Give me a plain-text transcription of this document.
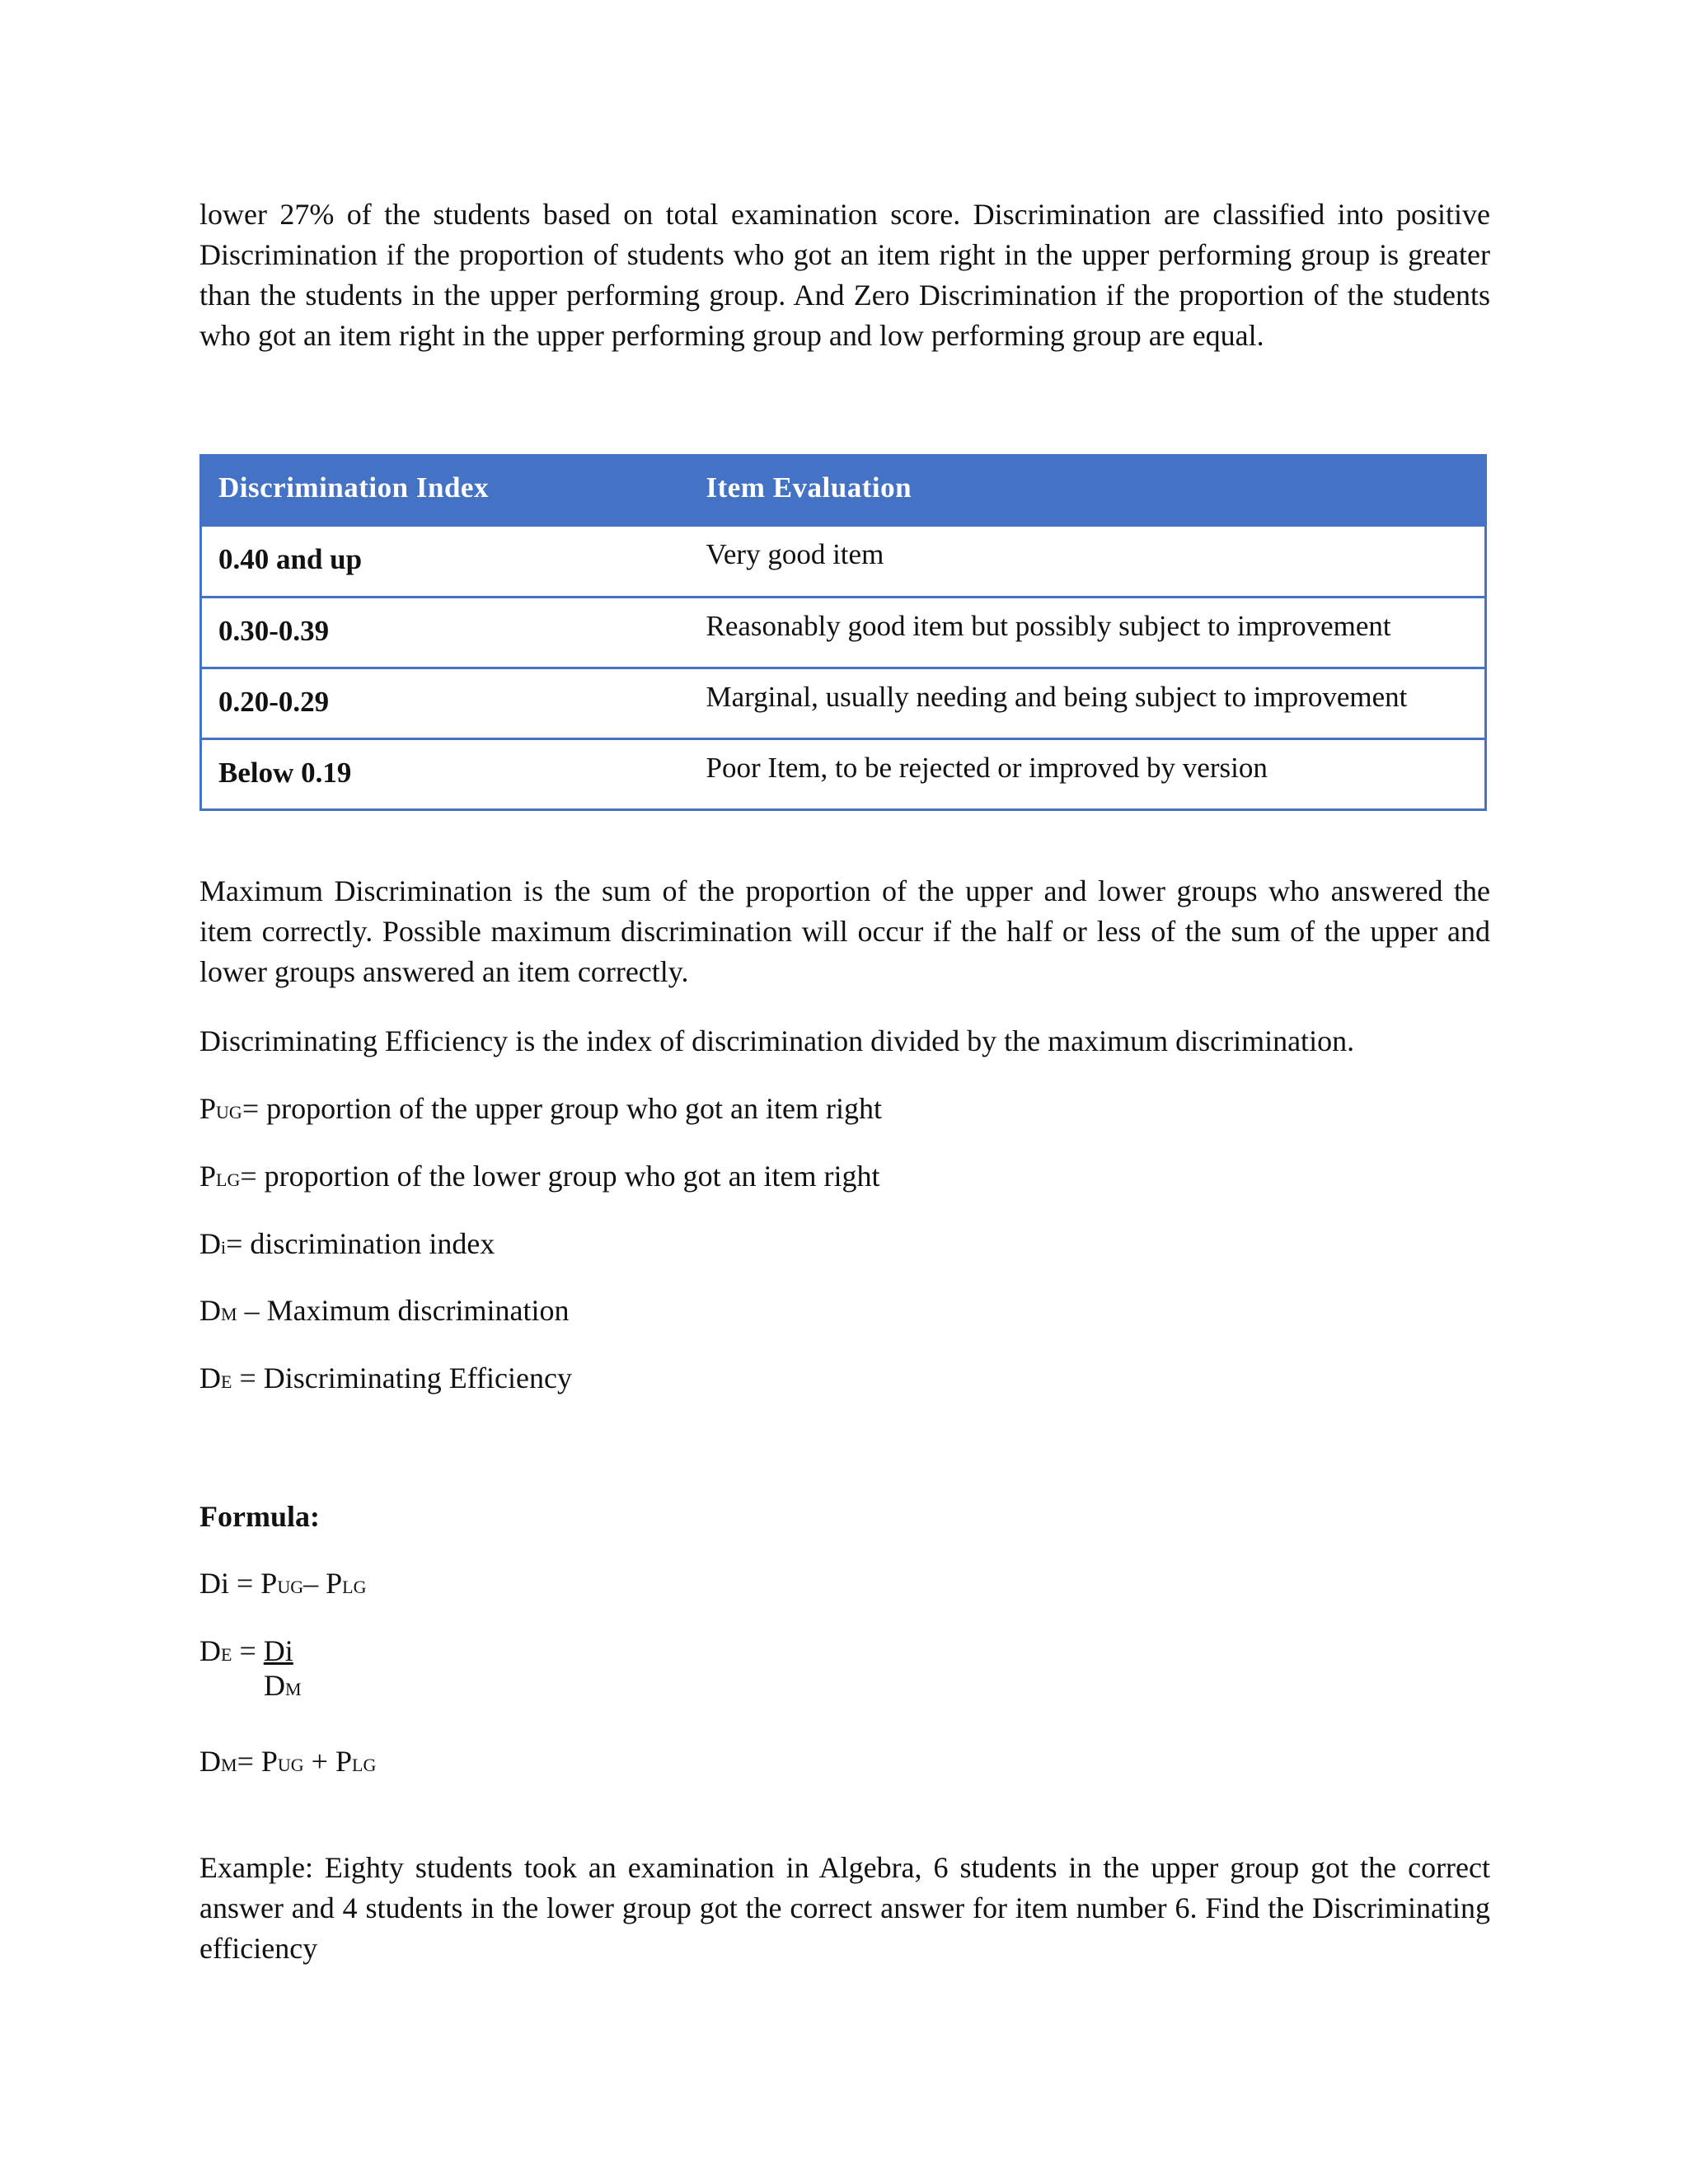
lower 27% of the students based on total examination score. Discrimination are classified into positive Discrimination if the proportion of students who got an item right in the upper performing group is greater than the students in the upper performing group. And Zero Discrimination if the proportion of the students who got an item right in the upper performing group and low performing group are equal.

Discrimination Index	Item Evaluation
0.40 and up	Very good item
0.30-0.39	Reasonably good item but possibly subject to improvement
0.20-0.29	Marginal, usually needing and being subject to improvement
Below 0.19	Poor Item, to be rejected or improved by version

Maximum Discrimination is the sum of the proportion of the upper and lower groups who answered the item correctly. Possible maximum discrimination will occur if the half or less of the sum of the upper and lower groups answered an item correctly.

Discriminating Efficiency is the index of discrimination divided by the maximum discrimination.

PUG= proportion of the upper group who got an item right

PLG= proportion of the lower group who got an item right

Di= discrimination index

DM – Maximum discrimination

DE = Discriminating Efficiency

Formula:

Di = PUG– PLG

DE = Di

DM

DM= PUG + PLG

Example: Eighty students took an examination in Algebra, 6 students in the upper group got the correct answer and 4 students in the lower group got the correct answer for item number 6. Find the Discriminating efficiency
